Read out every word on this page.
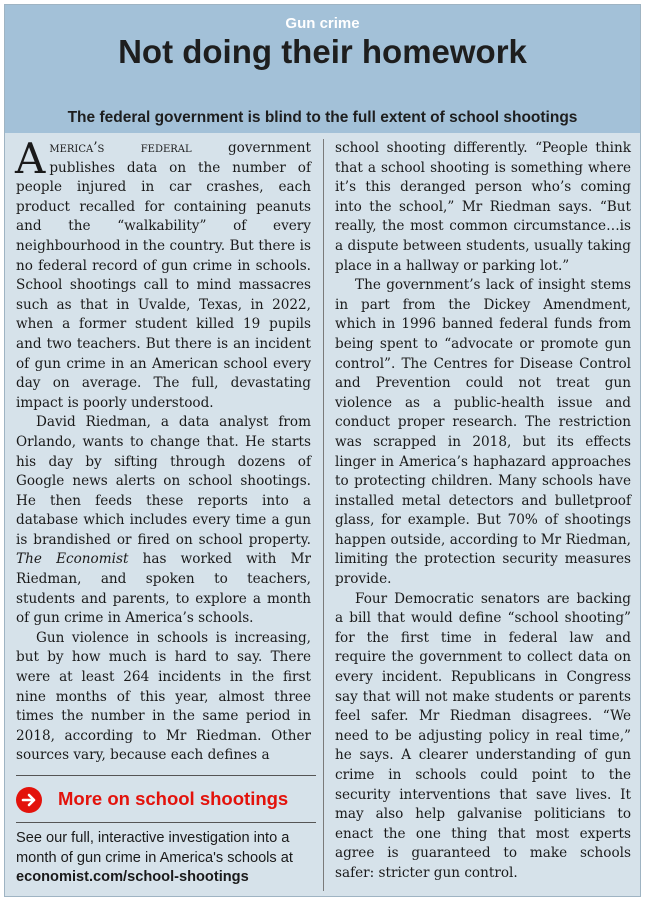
Gun crime
Not doing their homework
The federal government is blind to the full extent of school shootings

America’s federal government publishes data on the number of people injured in car crashes, each product recalled for containing peanuts and the “walkability” of every neighbourhood in the country. But there is no federal record of gun crime in schools. School shootings call to mind massacres such as that in Uvalde, Texas, in 2022, when a former student killed 19 pupils and two teachers. But there is an incident of gun crime in an American school every day on average. The full, devastating impact is poorly understood.

David Riedman, a data analyst from Orlando, wants to change that. He starts his day by sifting through dozens of Google news alerts on school shootings. He then feeds these reports into a database which includes every time a gun is brandished or fired on school property. The Economist has worked with Mr Riedman, and spoken to teachers, students and parents, to explore a month of gun crime in America’s schools.

Gun violence in schools is increasing, but by how much is hard to say. There were at least 264 incidents in the first nine months of this year, almost three times the number in the same period in 2018, according to Mr Riedman. Other sources vary, because each defines a

school shooting differently. “People think that a school shooting is something where it’s this deranged person who’s coming into the school,” Mr Riedman says. “But really, the most common circumstance…is a dispute between students, usually taking place in a hallway or parking lot.”

The government’s lack of insight stems in part from the Dickey Amendment, which in 1996 banned federal funds from being spent to “advocate or promote gun control”. The Centres for Disease Control and Prevention could not treat gun violence as a public-health issue and conduct proper research. The restriction was scrapped in 2018, but its effects linger in America’s haphazard approaches to protecting children. Many schools have installed metal detectors and bulletproof glass, for example. But 70% of shootings happen outside, according to Mr Riedman, limiting the protection security measures provide.

Four Democratic senators are backing a bill that would define “school shooting” for the first time in federal law and require the government to collect data on every incident. Republicans in Congress say that will not make students or parents feel safer. Mr Riedman disagrees. “We need to be adjusting policy in real time,” he says. A clearer understanding of gun crime in schools could point to the security interventions that save lives. It may also help galvanise politicians to enact the one thing that most experts agree is guaranteed to make schools safer: stricter gun control.

More on school shootings
See our full, interactive investigation into a month of gun crime in America's schools at economist.com/school-shootings
